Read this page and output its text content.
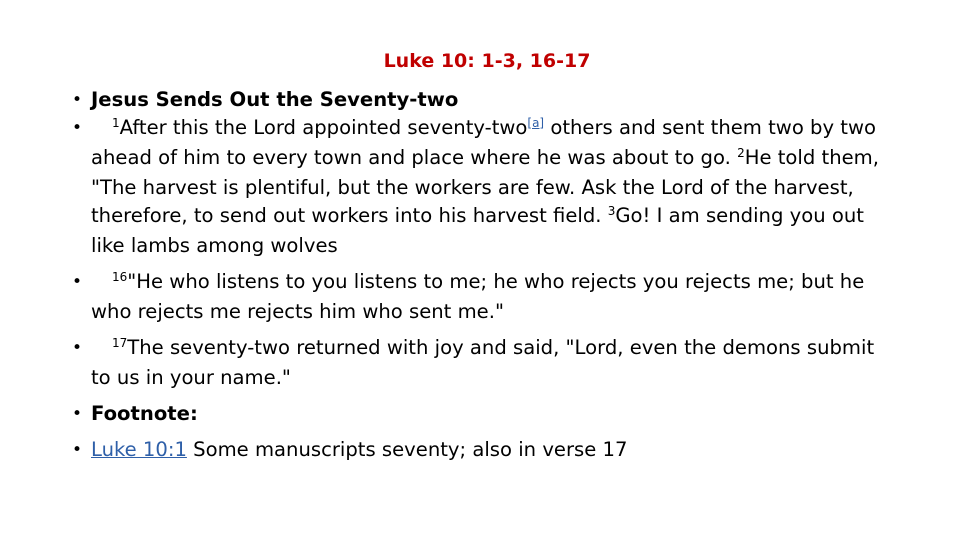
Luke 10: 1-3, 16-17
• Jesus Sends Out the Seventy-two
• $^1$After this the Lord appointed seventy-two[a] others and sent them two by two ahead of him to every town and place where he was about to go. $^2$He told them, "The harvest is plentiful, but the workers are few. Ask the Lord of the harvest, therefore, to send out workers into his harvest field. $^3$Go! I am sending you out like lambs among wolves
• $^{16}$"He who listens to you listens to me; he who rejects you rejects me; but he who rejects me rejects him who sent me."
• $^{17}$The seventy-two returned with joy and said, "Lord, even the demons submit to us in your name."
• Footnote:
• Luke 10:1 Some manuscripts seventy; also in verse 17
